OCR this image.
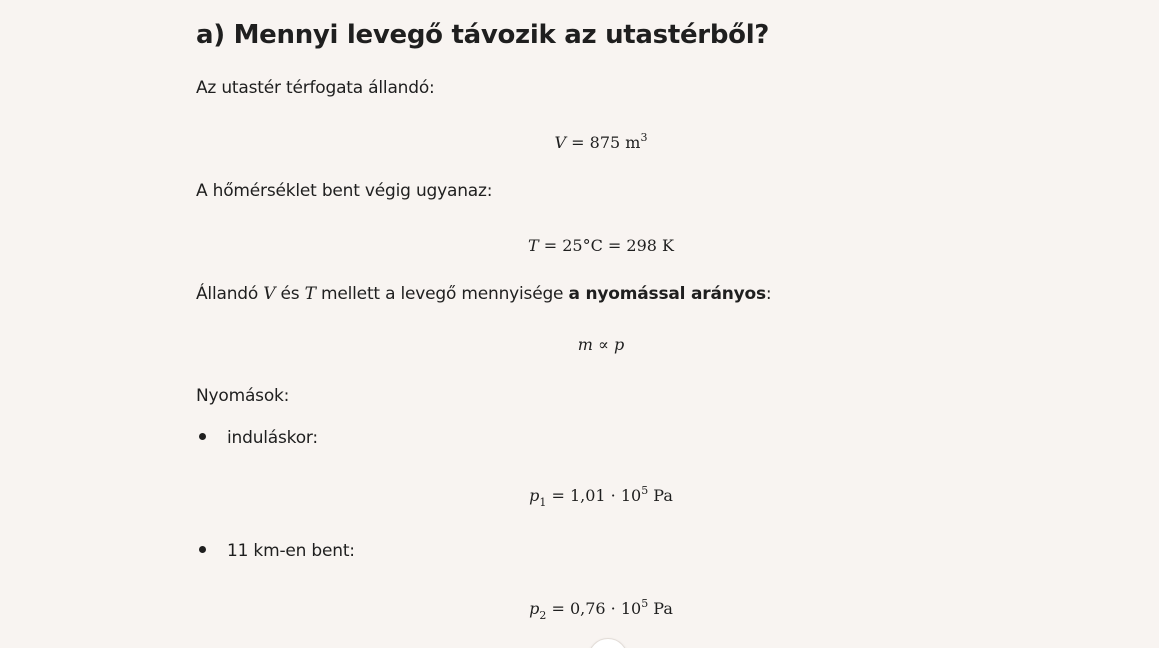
a) Mennyi levegő távozik az utastérből?

Az utastér térfogata állandó:

V = 875 $m^3$

A hőmérséklet bent végig ugyanaz:

T = 25°C = 298 K

Állandó V és T mellett a levegő mennyisége a nyomással arányos:

m ∝ p

Nyomások:

induláskor:
$p_1 = 1,01 \cdot 10^5$ Pa
11 km-en bent:
$p_2 = 0,76 \cdot 10^5$ Pa
